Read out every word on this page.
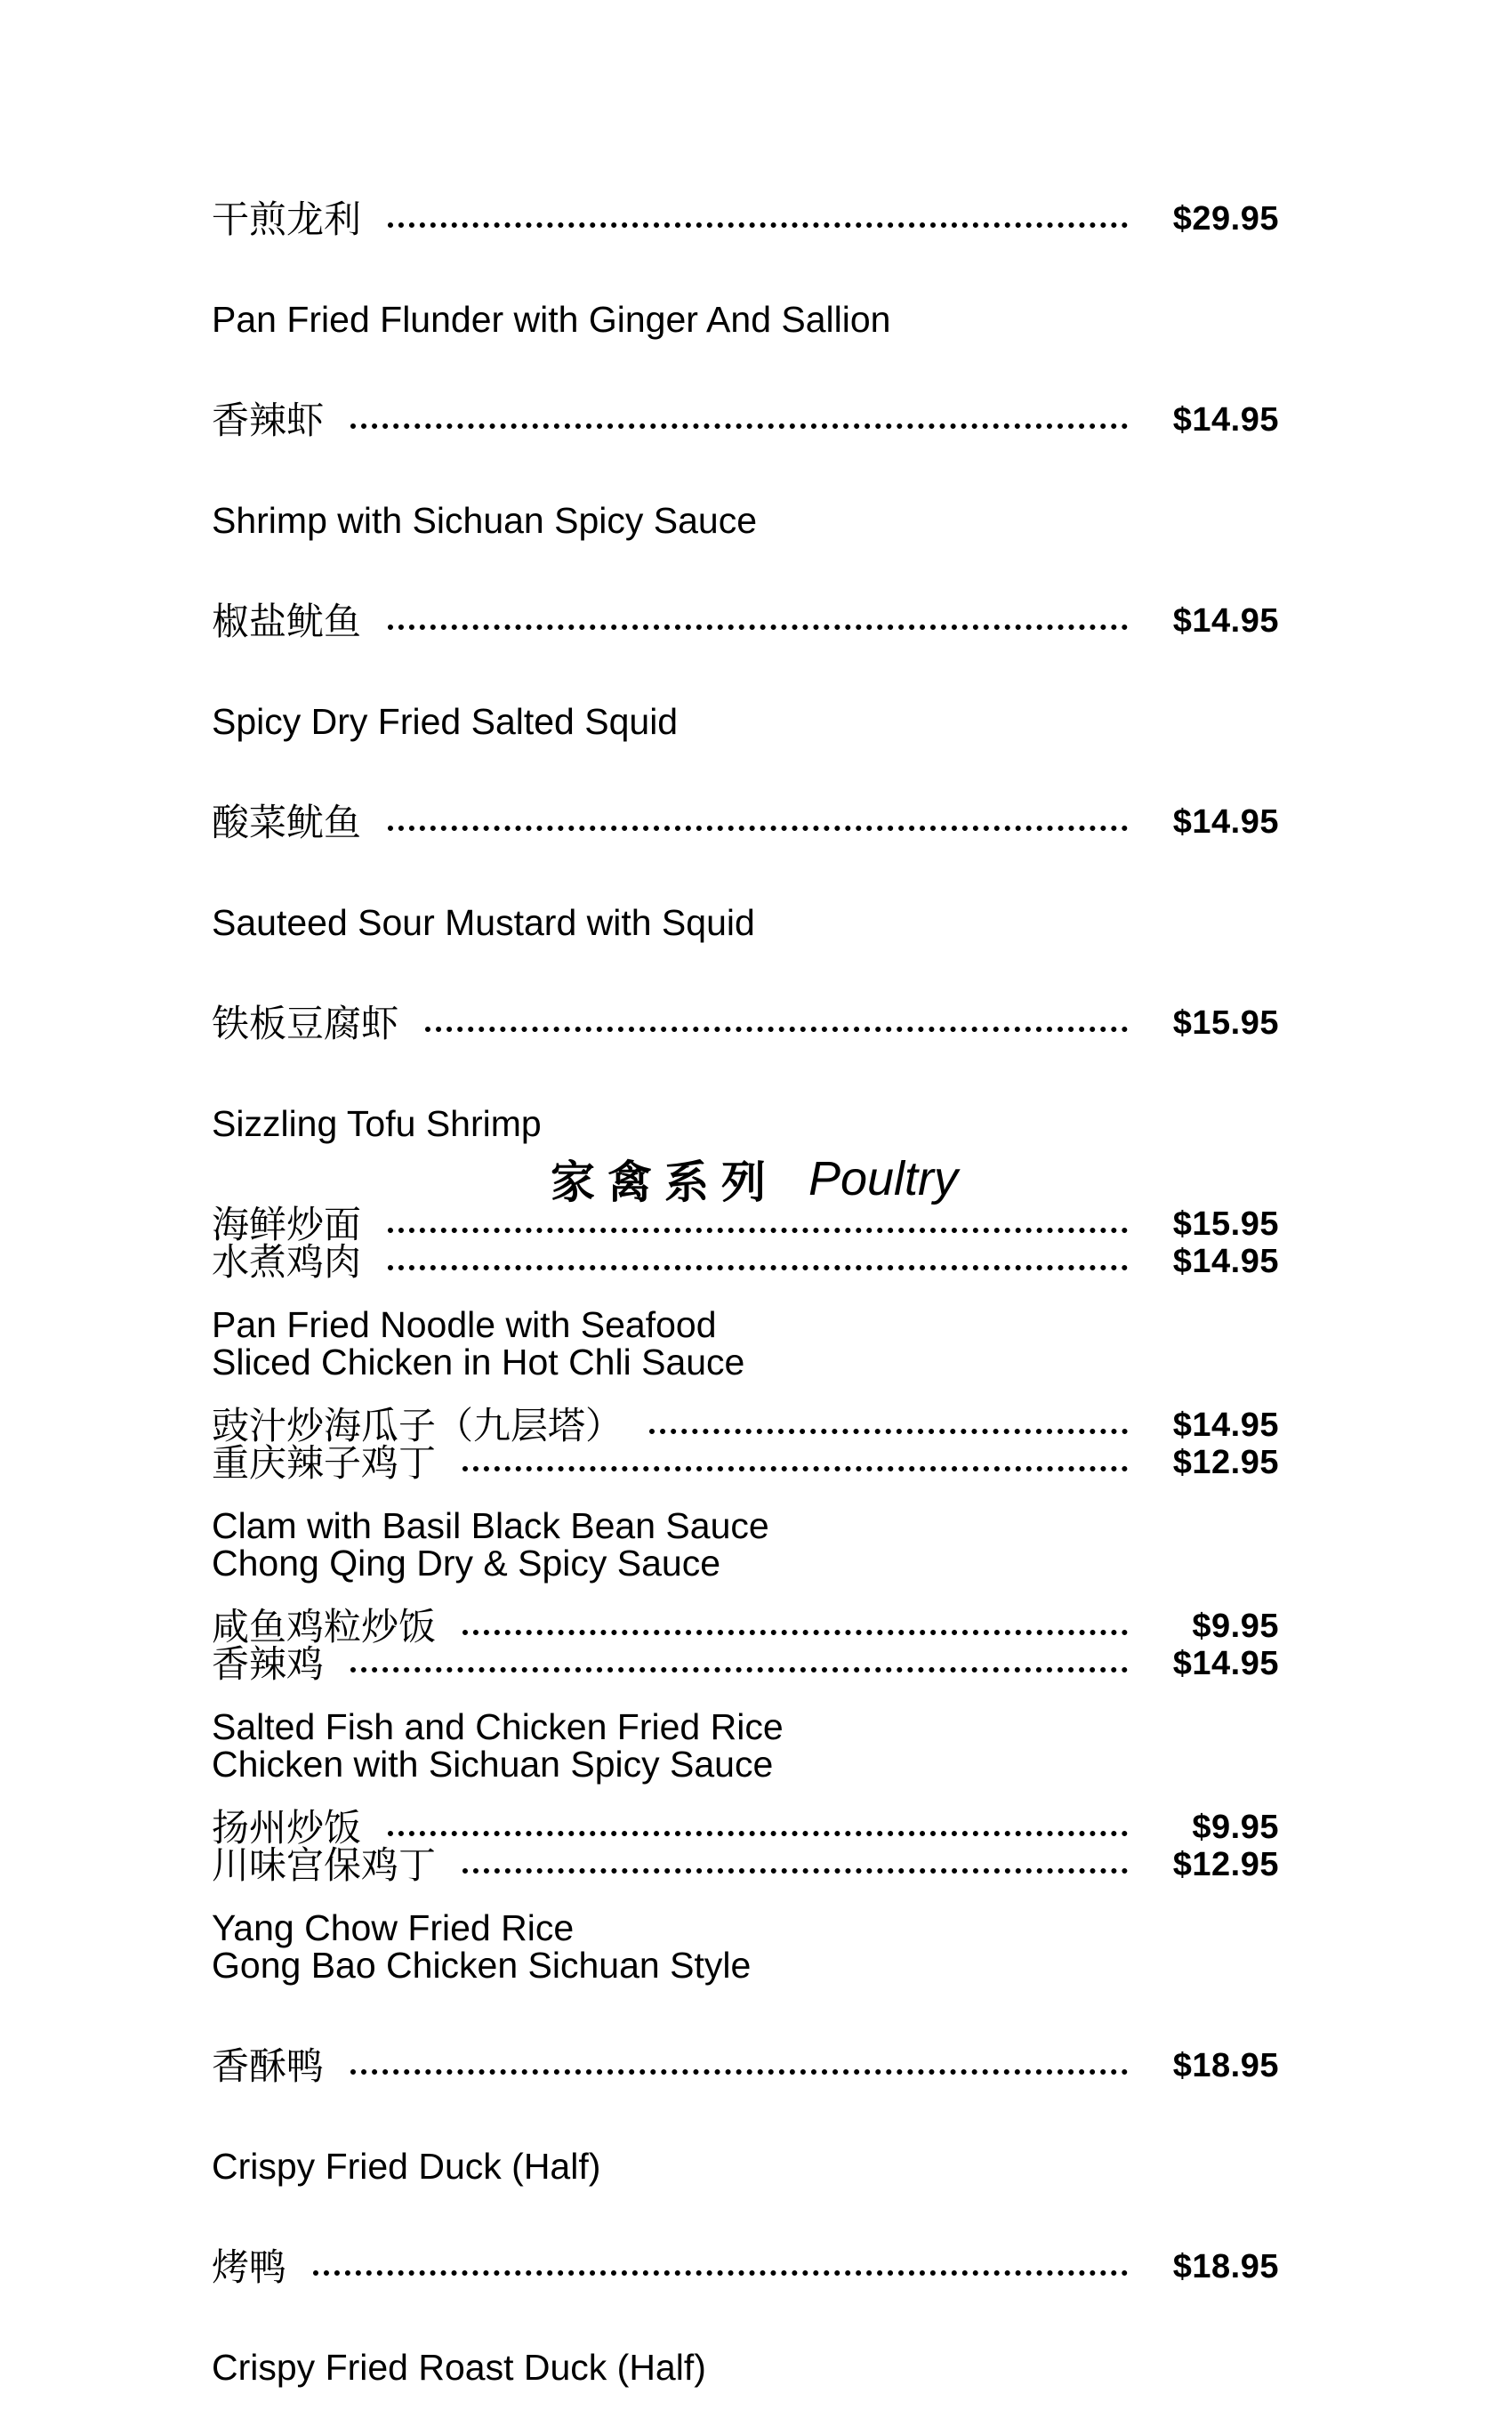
干煎龙利	$29.95
Pan Fried Flunder with Ginger And Sallion
香辣虾	$14.95
Shrimp with Sichuan Spicy Sauce
椒盐鱿鱼	$14.95
Spicy Dry Fried Salted Squid
酸菜鱿鱼	$14.95
Sauteed Sour Mustard with Squid
铁板豆腐虾	$15.95
Sizzling Tofu Shrimp
海鲜炒面	$15.95
Pan Fried Noodle with Seafood
豉汁炒海瓜子（九层塔）	$14.95
Clam with Basil Black Bean Sauce
咸鱼鸡粒炒饭	$9.95
Salted Fish and Chicken Fried Rice
扬州炒饭	$9.95
Yang Chow Fried Rice
家禽系列 Poultry
水煮鸡肉	$14.95
Sliced Chicken in Hot Chli Sauce
重庆辣子鸡丁	$12.95
Chong Qing Dry & Spicy Sauce
香辣鸡	$14.95
Chicken with Sichuan Spicy Sauce
川味宫保鸡丁	$12.95
Gong Bao Chicken Sichuan Style
香酥鸭	$18.95
Crispy Fried Duck (Half)
烤鸭	$18.95
Crispy Fried Roast Duck (Half)
